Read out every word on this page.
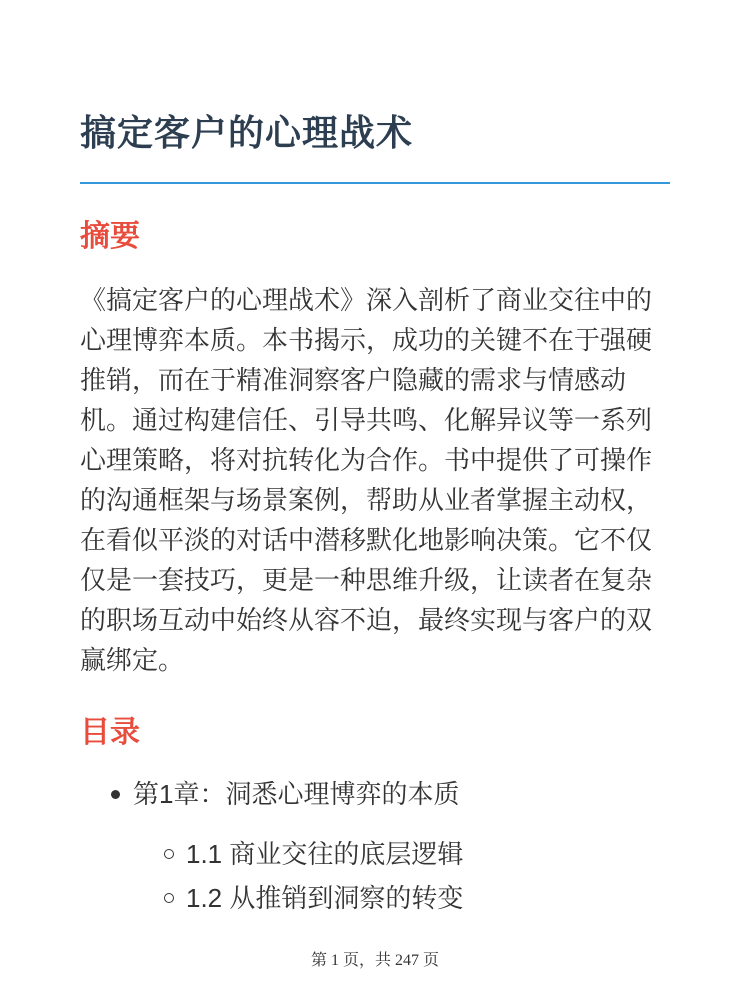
搞定客户的心理战术
摘要

《搞定客户的心理战术》深入剖析了商业交往中的心理博弈本质。本书揭示，成功的关键不在于强硬推销，而在于精准洞察客户隐藏的需求与情感动机。通过构建信任、引导共鸣、化解异议等一系列心理策略，将对抗转化为合作。书中提供了可操作的沟通框架与场景案例，帮助从业者掌握主动权，在看似平淡的对话中潜移默化地影响决策。它不仅仅是一套技巧，更是一种思维升级，让读者在复杂的职场互动中始终从容不迫，最终实现与客户的双赢绑定。

目录
第1章：洞悉心理博弈的本质
1.1 商业交往的底层逻辑
1.2 从推销到洞察的转变
第 1 页，共 247 页
